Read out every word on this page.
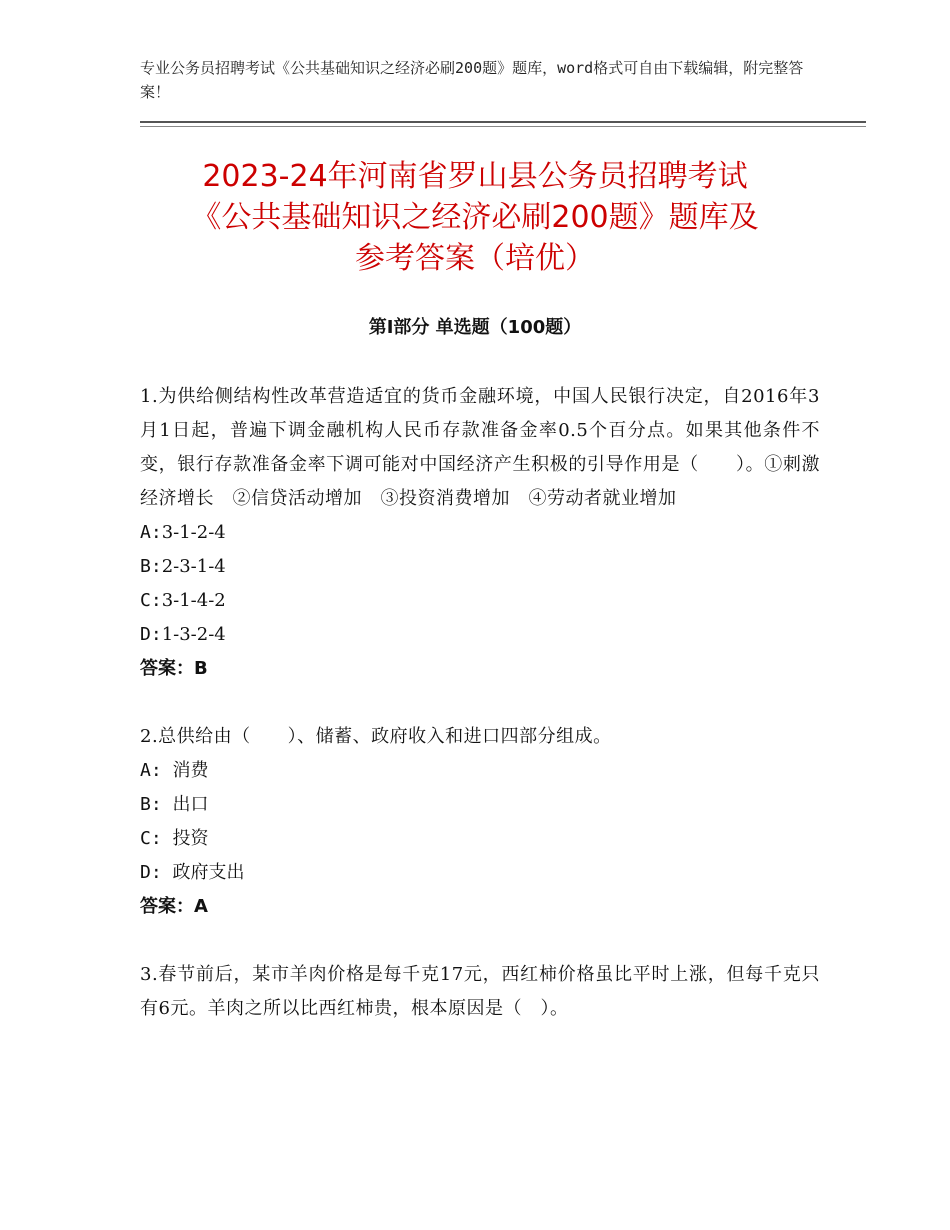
专业公务员招聘考试《公共基础知识之经济必刷200题》题库，word格式可自由下载编辑，附完整答案！
2023-24年河南省罗山县公务员招聘考试
《公共基础知识之经济必刷200题》题库及
参考答案（培优）
第Ⅰ部分 单选题（100题）

1.为供给侧结构性改革营造适宜的货币金融环境，中国人民银行决定，自2016年3月1日起，普遍下调金融机构人民币存款准备金率0.5个百分点。如果其他条件不变，银行存款准备金率下调可能对中国经济产生积极的引导作用是（　　）。①刺激经济增长　②信贷活动增加　③投资消费增加　④劳动者就业增加

A:3-1-2-4
B:2-3-1-4
C:3-1-4-2
D:1-3-2-4
答案：B

2.总供给由（　　）、储蓄、政府收入和进口四部分组成。

A: 消费
B: 出口
C: 投资
D: 政府支出
答案：A

3.春节前后，某市羊肉价格是每千克17元，西红柿价格虽比平时上涨，但每千克只有6元。羊肉之所以比西红柿贵，根本原因是（　）。
